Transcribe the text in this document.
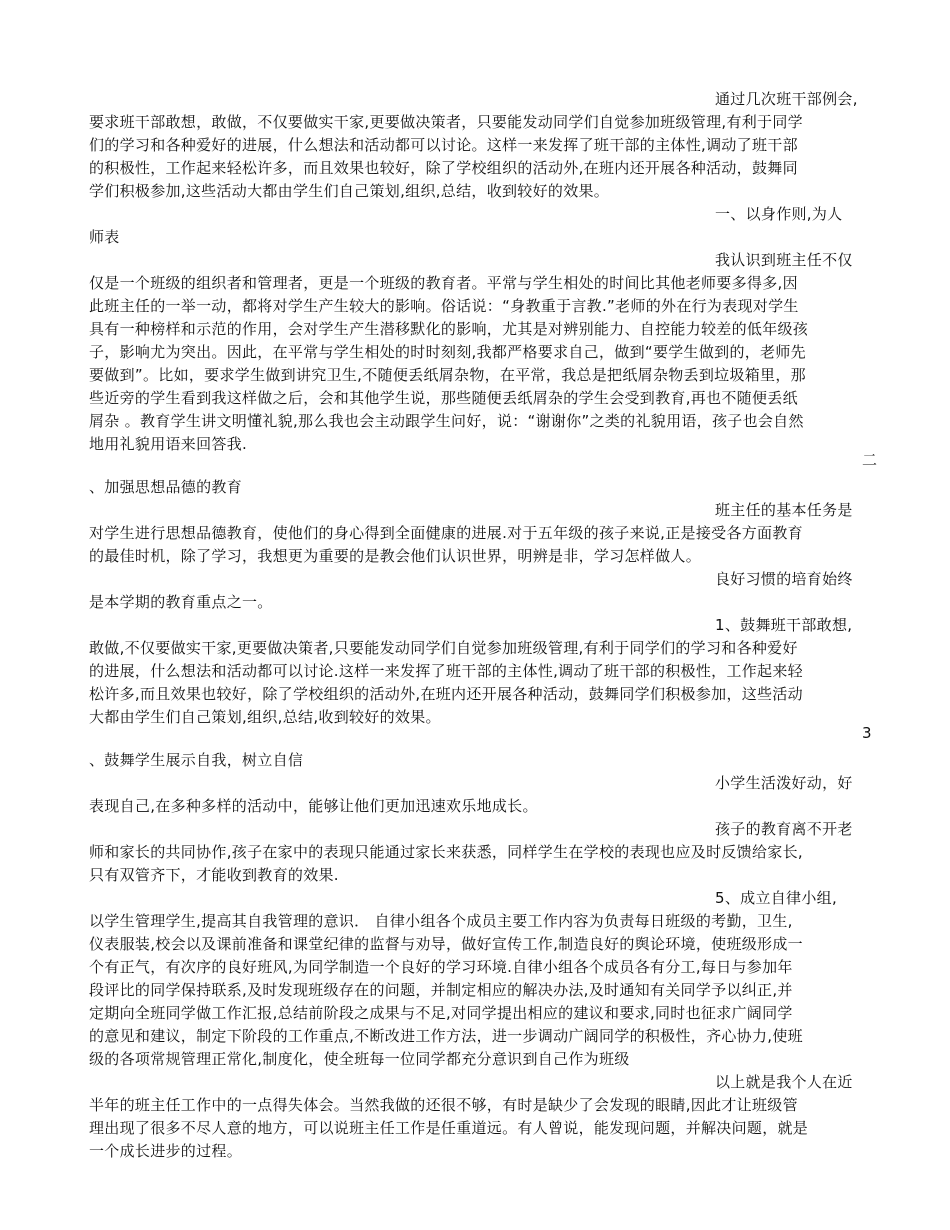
通过几次班干部例会,
要求班干部敢想，敢做，不仅要做实干家,更要做决策者，只要能发动同学们自觉参加班级管理,有利于同学
们的学习和各种爱好的进展，什么想法和活动都可以讨论。这样一来发挥了班干部的主体性,调动了班干部
的积极性，工作起来轻松许多，而且效果也较好，除了学校组织的活动外,在班内还开展各种活动，鼓舞同
学们积极参加,这些活动大都由学生们自己策划,组织,总结，收到较好的效果。
一、以身作则,为人
师表
我认识到班主任不仅
仅是一个班级的组织者和管理者，更是一个班级的教育者。平常与学生相处的时间比其他老师要多得多,因
此班主任的一举一动，都将对学生产生较大的影响。俗话说：“身教重于言教.”老师的外在行为表现对学生
具有一种榜样和示范的作用，会对学生产生潜移默化的影响，尤其是对辨别能力、自控能力较差的低年级孩
子，影响尤为突出。因此，在平常与学生相处的时时刻刻,我都严格要求自己，做到“要学生做到的，老师先
要做到”。比如，要求学生做到讲究卫生,不随便丢纸屑杂物，在平常，我总是把纸屑杂物丢到垃圾箱里，那
些近旁的学生看到我这样做之后，会和其他学生说，那些随便丢纸屑杂的学生会受到教育,再也不随便丢纸
屑杂 。教育学生讲文明懂礼貌,那么我也会主动跟学生问好，说：“谢谢你”之类的礼貌用语，孩子也会自然
地用礼貌用语来回答我.
二
、加强思想品德的教育
班主任的基本任务是
对学生进行思想品德教育，使他们的身心得到全面健康的进展.对于五年级的孩子来说,正是接受各方面教育
的最佳时机，除了学习，我想更为重要的是教会他们认识世界，明辨是非，学习怎样做人。
良好习惯的培育始终
是本学期的教育重点之一。
1、鼓舞班干部敢想,
敢做,不仅要做实干家,更要做决策者,只要能发动同学们自觉参加班级管理,有利于同学们的学习和各种爱好
的进展，什么想法和活动都可以讨论.这样一来发挥了班干部的主体性,调动了班干部的积极性，工作起来轻
松许多,而且效果也较好，除了学校组织的活动外,在班内还开展各种活动，鼓舞同学们积极参加，这些活动
大都由学生们自己策划,组织,总结,收到较好的效果。
3
、鼓舞学生展示自我，树立自信
小学生活泼好动，好
表现自己,在多种多样的活动中，能够让他们更加迅速欢乐地成长。
孩子的教育离不开老
师和家长的共同协作,孩子在家中的表现只能通过家长来获悉，同样学生在学校的表现也应及时反馈给家长,
只有双管齐下，才能收到教育的效果.
5、成立自律小组,
以学生管理学生,提高其自我管理的意识． 自律小组各个成员主要工作内容为负责每日班级的考勤，卫生,
仪表服装,校会以及课前准备和课堂纪律的监督与劝导，做好宣传工作,制造良好的舆论环境，使班级形成一
个有正气，有次序的良好班风,为同学制造一个良好的学习环境.自律小组各个成员各有分工,每日与参加年
段评比的同学保持联系,及时发现班级存在的问题，并制定相应的解决办法,及时通知有关同学予以纠正,并
定期向全班同学做工作汇报,总结前阶段之成果与不足,对同学提出相应的建议和要求,同时也征求广阔同学
的意见和建议，制定下阶段的工作重点,不断改进工作方法，进一步调动广阔同学的积极性，齐心协力,使班
级的各项常规管理正常化,制度化，使全班每一位同学都充分意识到自己作为班级
以上就是我个人在近
半年的班主任工作中的一点得失体会。当然我做的还很不够，有时是缺少了会发现的眼睛,因此才让班级管
理出现了很多不尽人意的地方，可以说班主任工作是任重道远。有人曾说，能发现问题，并解决问题，就是
一个成长进步的过程。
